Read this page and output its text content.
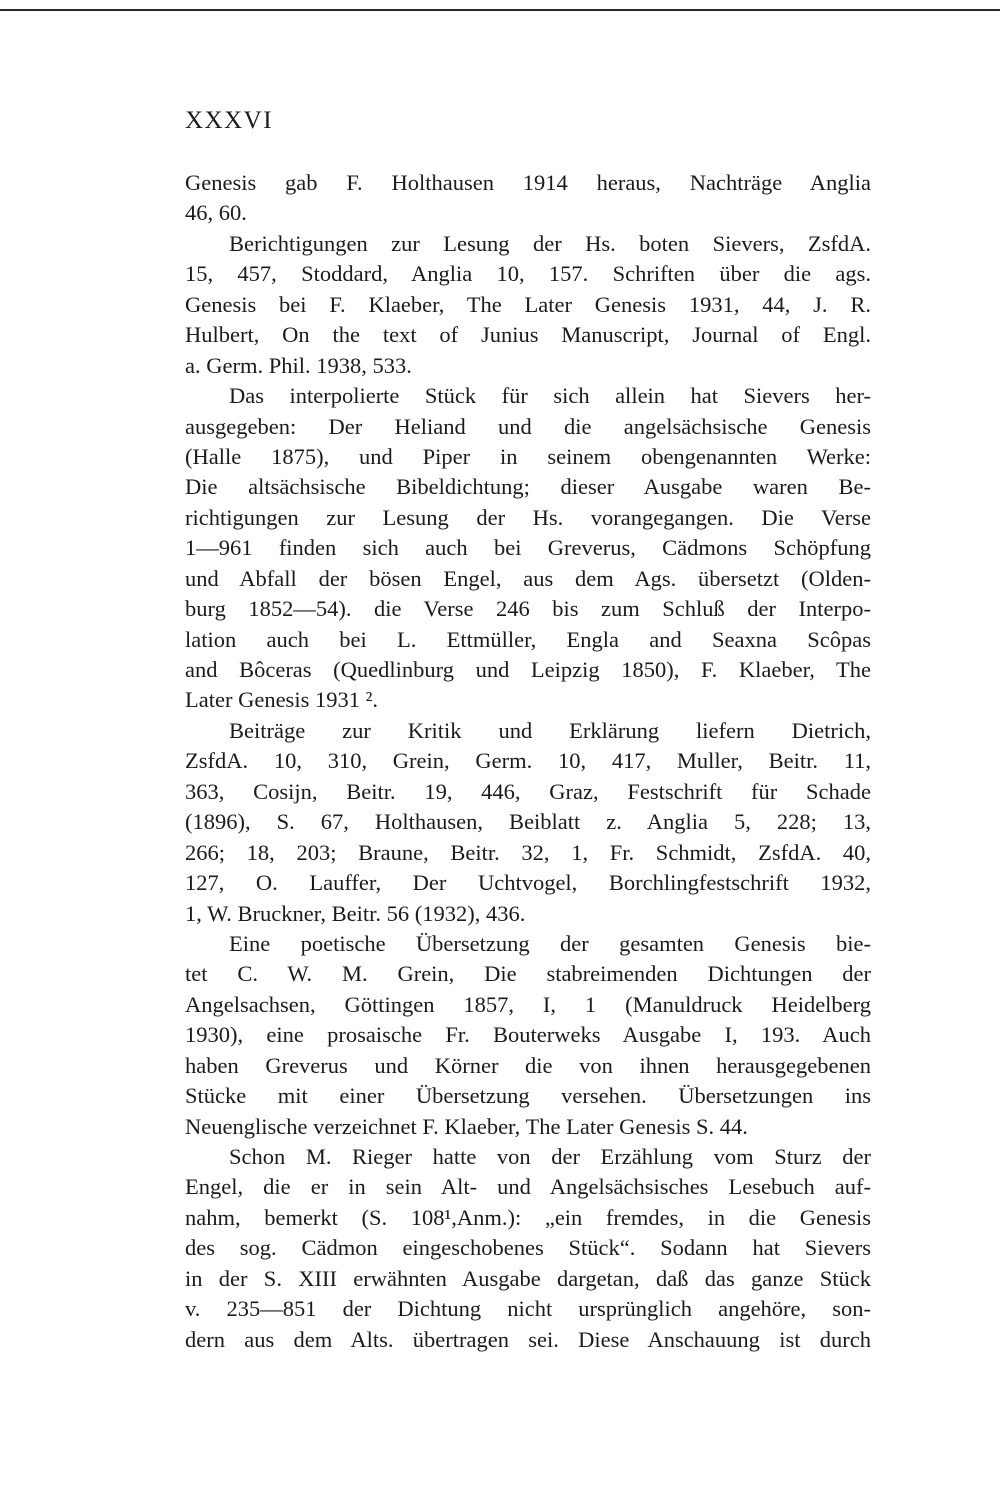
XXXVI
Genesis gab F. Holthausen 1914 heraus, Nachträge Anglia
46, 60.
Berichtigungen zur Lesung der Hs. boten Sievers, ZsfdA.
15, 457, Stoddard, Anglia 10, 157. Schriften über die ags.
Genesis bei F. Klaeber, The Later Genesis 1931, 44, J. R.
Hulbert, On the text of Junius Manuscript, Journal of Engl.
a. Germ. Phil. 1938, 533.
Das interpolierte Stück für sich allein hat Sievers her-
ausgegeben: Der Heliand und die angelsächsische Genesis
(Halle 1875), und Piper in seinem obengenannten Werke:
Die altsächsische Bibeldichtung; dieser Ausgabe waren Be-
richtigungen zur Lesung der Hs. vorangegangen. Die Verse
1—961 finden sich auch bei Greverus, Cädmons Schöpfung
und Abfall der bösen Engel, aus dem Ags. übersetzt (Olden-
burg 1852—54). die Verse 246 bis zum Schluß der Interpo-
lation auch bei L. Ettmüller, Engla and Seaxna Scôpas
and Bôceras (Quedlinburg und Leipzig 1850), F. Klaeber, The
Later Genesis 1931 ².
Beiträge zur Kritik und Erklärung liefern Dietrich,
ZsfdA. 10, 310, Grein, Germ. 10, 417, Muller, Beitr. 11,
363, Cosijn, Beitr. 19, 446, Graz, Festschrift für Schade
(1896), S. 67, Holthausen, Beiblatt z. Anglia 5, 228; 13,
266; 18, 203; Braune, Beitr. 32, 1, Fr. Schmidt, ZsfdA. 40,
127, O. Lauffer, Der Uchtvogel, Borchlingfestschrift 1932,
1, W. Bruckner, Beitr. 56 (1932), 436.
Eine poetische Übersetzung der gesamten Genesis bie-
tet C. W. M. Grein, Die stabreimenden Dichtungen der
Angelsachsen, Göttingen 1857, I, 1 (Manuldruck Heidelberg
1930), eine prosaische Fr. Bouterweks Ausgabe I, 193. Auch
haben Greverus und Körner die von ihnen herausgegebenen
Stücke mit einer Übersetzung versehen. Übersetzungen ins
Neuenglische verzeichnet F. Klaeber, The Later Genesis S. 44.
Schon M. Rieger hatte von der Erzählung vom Sturz der
Engel, die er in sein Alt- und Angelsächsisches Lesebuch auf-
nahm, bemerkt (S. 108¹,Anm.): „ein fremdes, in die Genesis
des sog. Cädmon eingeschobenes Stück“. Sodann hat Sievers
in der S. XIII erwähnten Ausgabe dargetan, daß das ganze Stück
v. 235—851 der Dichtung nicht ursprünglich angehöre, son-
dern aus dem Alts. übertragen sei. Diese Anschauung ist durch
